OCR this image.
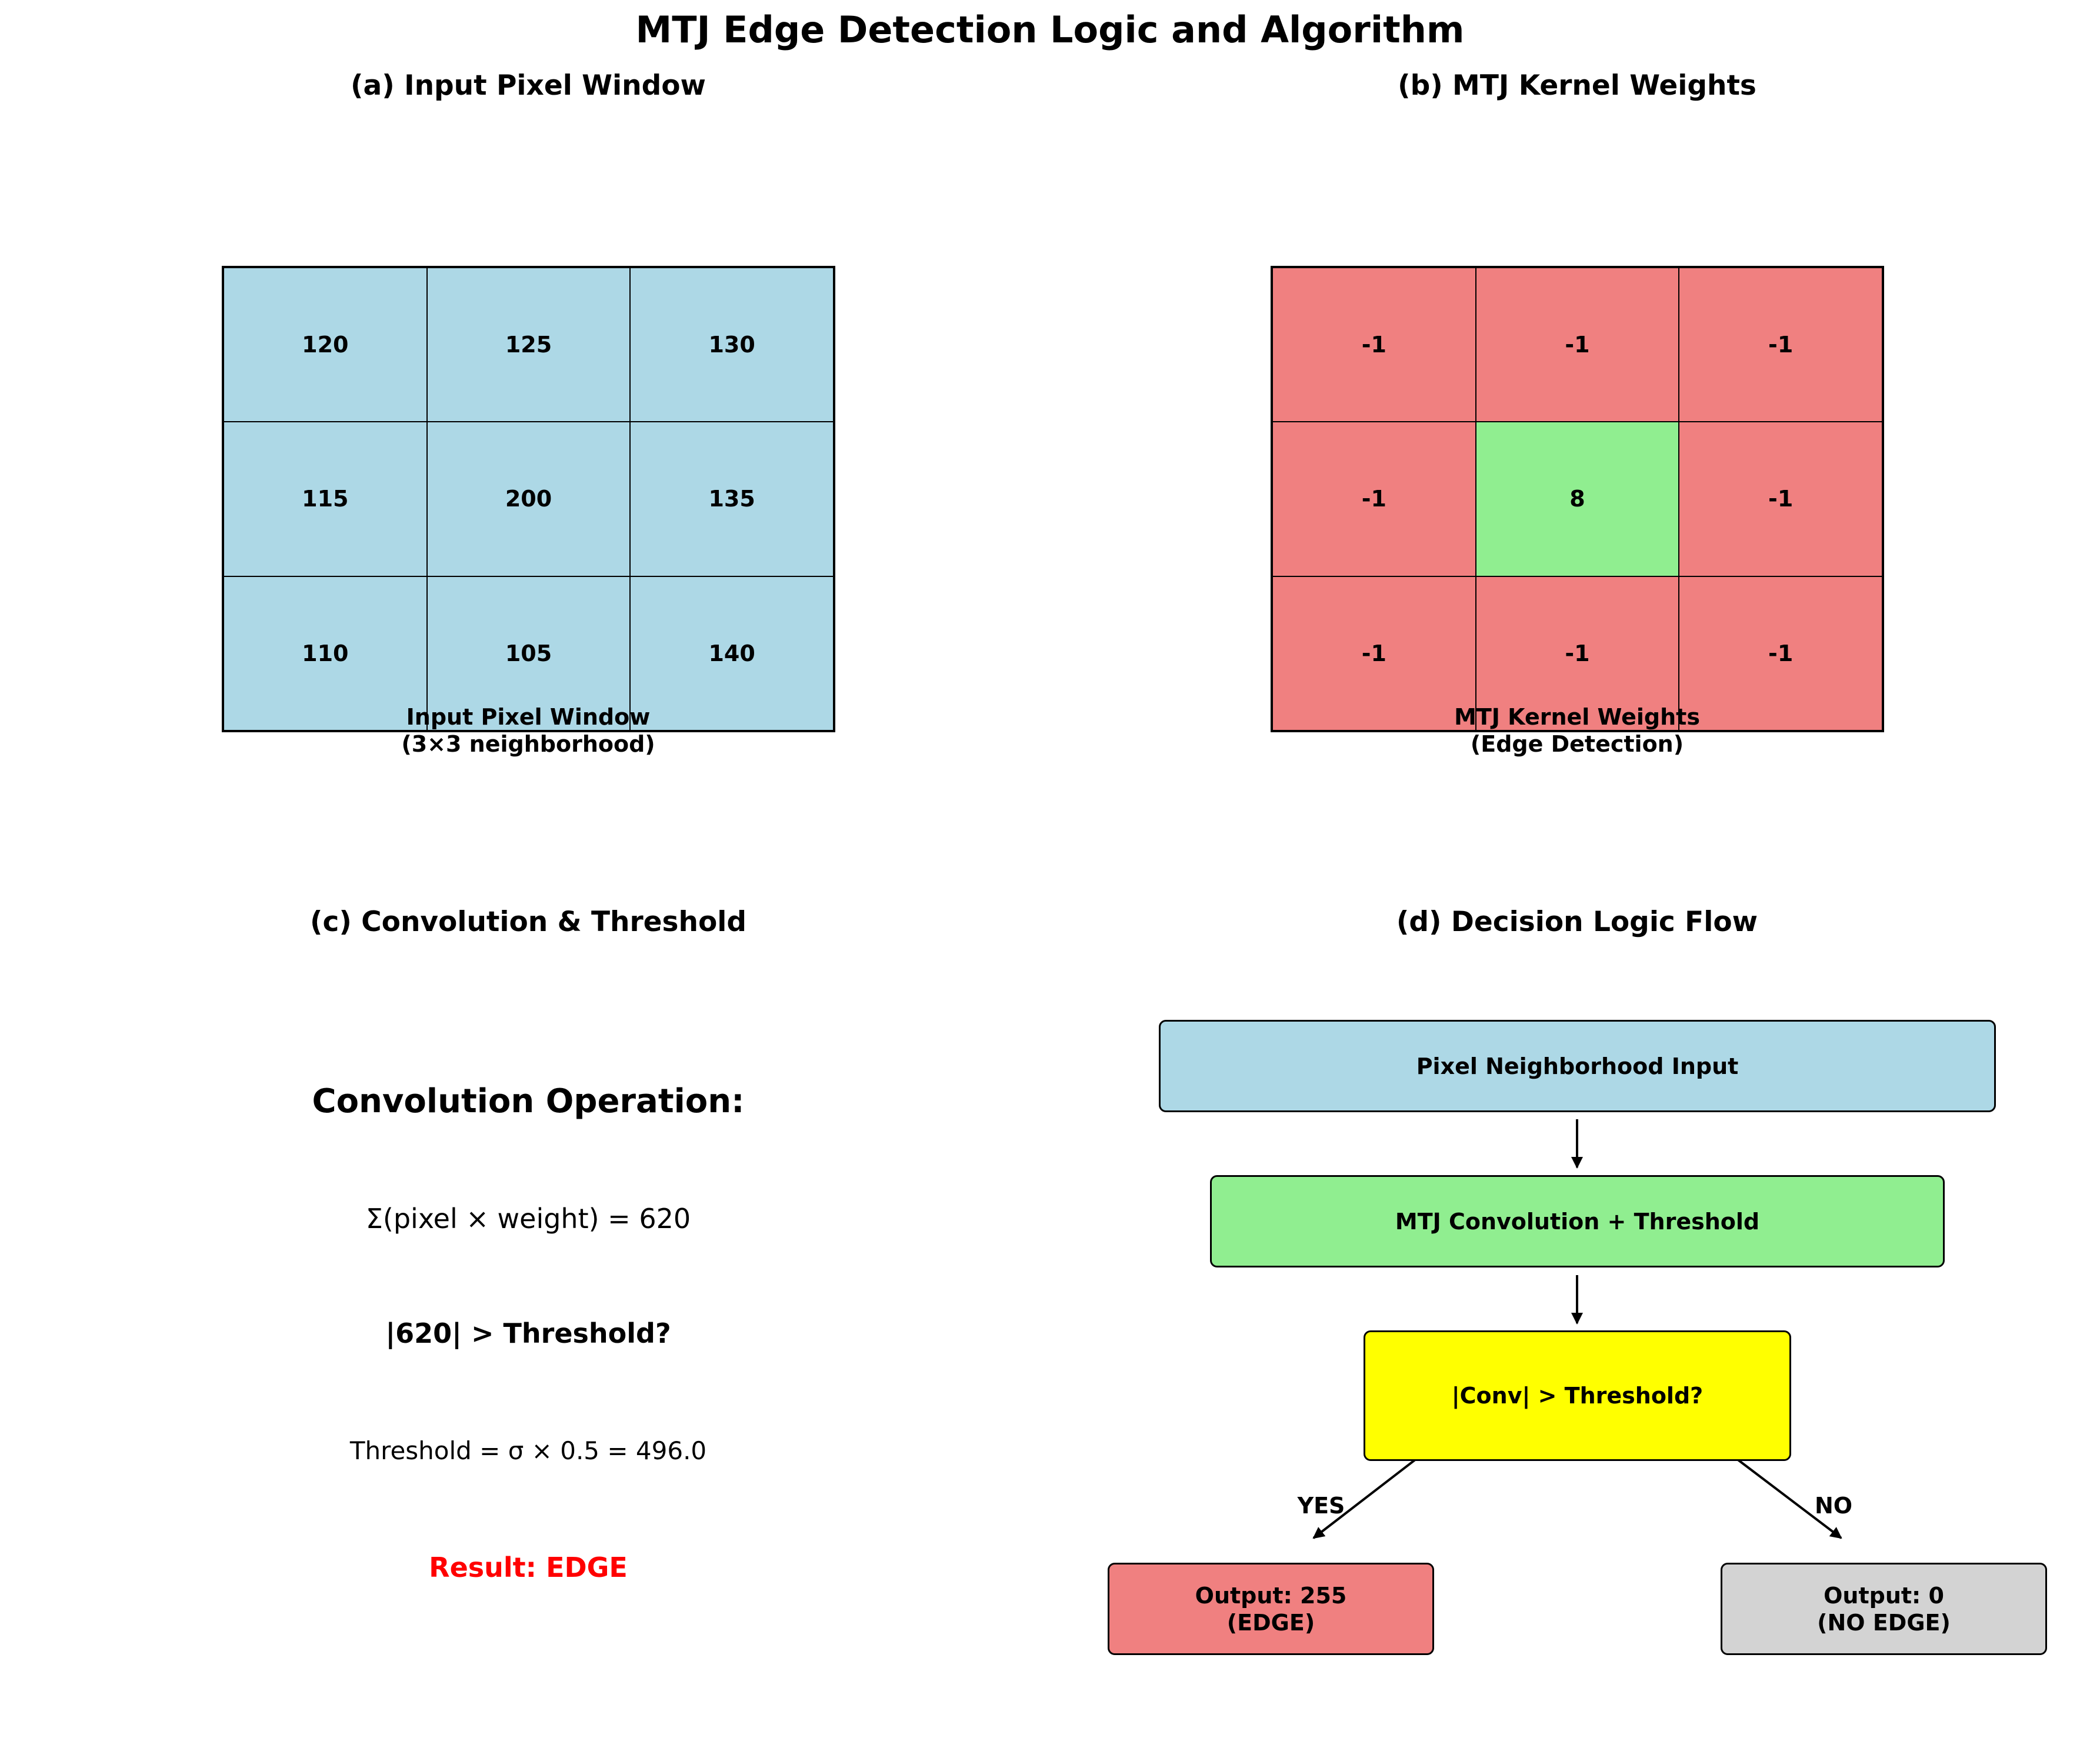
MTJ Edge Detection Logic and Algorithm
(a) Input Pixel Window
120	125	130
115	200	135
110	105	140
Input Pixel Window
(3×3 neighborhood)
(b) MTJ Kernel Weights
-1	-1	-1
-1	8	-1
-1	-1	-1
MTJ Kernel Weights
(Edge Detection)
(c) Convolution & Threshold
Convolution Operation:
Σ(pixel × weight) = 620
|620| > Threshold?
Threshold = σ × 0.5 = 496.0
Result: EDGE
(d) Decision Logic Flow
Pixel Neighborhood Input
MTJ Convolution + Threshold
|Conv| > Threshold?
YES	NO
Output: 255
(EDGE)
Output: 0
(NO EDGE)
